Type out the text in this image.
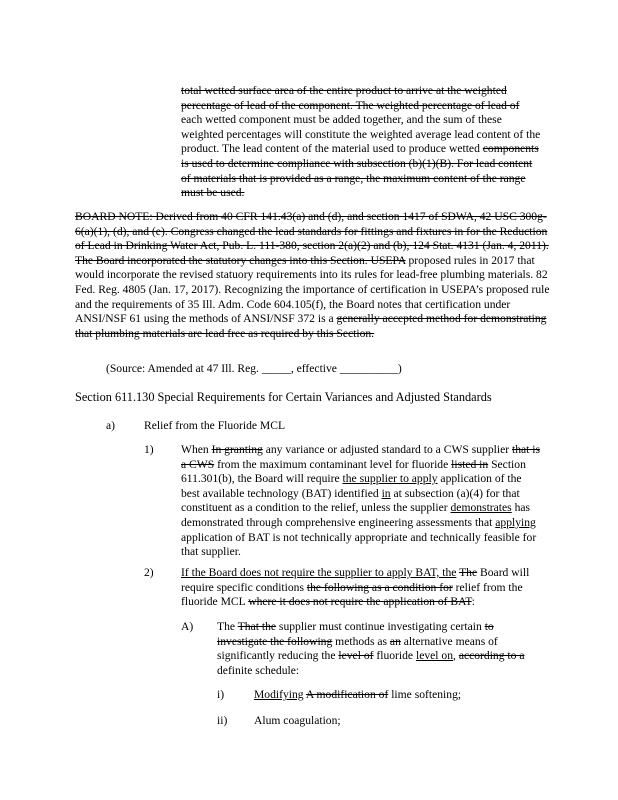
total wetted surface area of the entire product to arrive at the weighted percentage of lead of the component. The weighted percentage of lead of each wetted component must be added together, and the sum of these weighted percentages will constitute the weighted average lead content of the product. The lead content of the material used to produce wetted components is used to determine compliance with subsection (b)(1)(B). For lead content of materials that is provided as a range, the maximum content of the range must be used.
BOARD NOTE: Derived from 40 CFR 141.43(a) and (d), and section 1417 of SDWA, 42 USC 300g-6(a)(1), (d), and (e). Congress changed the lead standards for fittings and fixtures in for the Reduction of Lead in Drinking Water Act, Pub. L. 111-380, section 2(a)(2) and (b), 124 Stat. 4131 (Jan. 4, 2011). The Board incorporated the statutory changes into this Section. USEPA proposed rules in 2017 that would incorporate the revised statuory requirements into its rules for lead-free plumbing materials. 82 Fed. Reg. 4805 (Jan. 17, 2017). Recognizing the importance of certification in USEPA’s proposed rule and the requirements of 35 Ill. Adm. Code 604.105(f), the Board notes that certification under ANSI/NSF 61 using the methods of ANSI/NSF 372 is a generally accepted method for demonstrating that plumbing materials are lead free as required by this Section.
(Source: Amended at 47 Ill. Reg. _____, effective __________)
Section 611.130 Special Requirements for Certain Variances and Adjusted Standards
a) Relief from the Fluoride MCL
1) When In granting any variance or adjusted standard to a CWS supplier that is a CWS from the maximum contaminant level for fluoride listed in Section 611.301(b), the Board will require the supplier to apply application of the best available technology (BAT) identified in at subsection (a)(4) for that constituent as a condition to the relief, unless the supplier demonstrates has demonstrated through comprehensive engineering assessments that applying application of BAT is not technically appropriate and technically feasible for that supplier.
2) If the Board does not require the supplier to apply BAT, the The Board will require specific conditions the following as a condition for relief from the fluoride MCL where it does not require the application of BAT:
A) The That the supplier must continue investigating certain to investigate the following methods as an alternative means of significantly reducing the level of fluoride level on, according to a definite schedule:
i)	Modifying A modification of lime softening;
ii) Alum coagulation;
